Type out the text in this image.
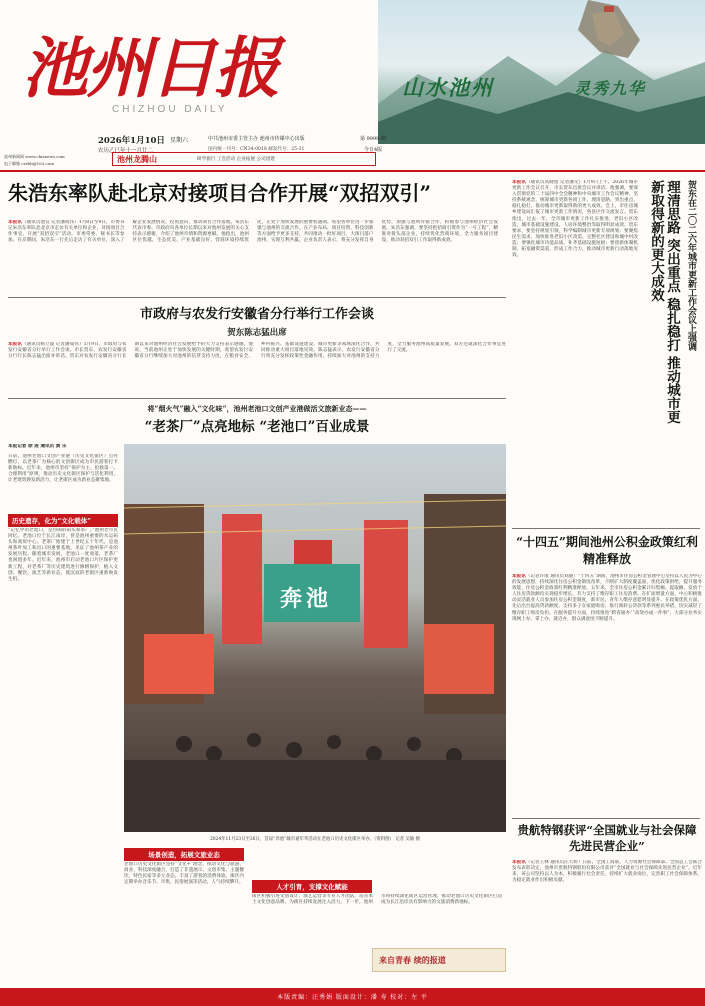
池州日报
CHIZHOU DAILY
山水池州	灵秀九华
2026年1月10日 星期六
农历乙巳年十一月廿二
中共池州市委主管主办 池州市传媒中心出版
国内统一刊号：CN34-0018 邮发代号：25-31
第 9999 期
今日4版
池州新闻网 www.chiznews.com
电子邮箱 czrbb@163.com	池州龙腾山	研学旅行 工会活动 企业拓展 公司团建
朱浩东率队赴北京对接项目合作开展“双招双引”
本报讯（通讯员池宣 记者潘成伟）1月8日至9日，市委书记朱浩东率队赴北京市走访有关单位和企业，对接项目合作事宜，开展“双招双引”活动。市委常委、秘书长等参加。在京期间，朱浩东一行先后走访了有关单位，深入了解企业发展情况、投资意向，推动项目合作落地。朱浩东代表市委、市政府向各单位长期以来对池州发展的关心支持表示感谢，介绍了池州市情和资源禀赋。他指出，池州区位优越、生态优美、产业基础良好、营商环境持续优化，正处于加快发展的重要机遇期。希望各单位进一步加强与池州的交流合作，在产业布局、项目投资、科技创新等方面给予更多支持，共同推动一批好项目、大项目落户池州，实现互利共赢。企业负责人表示，将充分发挥自身优势，加强与池州对接合作，积极参与池州经济社会发展。朱浩东强调，要坚持把招商引资作为“一号工程”，精准对接头部企业，持续优化营商环境，全力服务项目建设，推动双招双引工作取得新成效。	贺东在二〇二六年城市更新工作会议上强调
理清思路 突出重点 稳扎稳打 推动城市更新取得新的更大成效
本报讯（通讯员高晓旭 记者潘文）1月9日上午，2026年城市更新工作会议召开，市长贺东出席会议并讲话。他强调，要深入贯彻党的二十届四中全会精神和中央城市工作会议精神，坚持系统观念，统筹城市更新各项工作，理清思路、突出重点、稳扎稳打，推动城市更新取得新的更大成效。会上，市住房城乡建设局汇报了城市更新工作情况，各县区作交流发言。贺东指出，过去一年，全市城市更新工作扎实推进，老旧小区改造、城市基础设施建设、人居环境整治等取得明显成效。贺东要求，要坚持规划引领，科学编制城市更新专项规划；要聚焦民生需求，加快推进老旧小区改造、完整社区建设和城中村改造；要强化城市功能品质，补齐基础设施短板；要创新体制机制，拓宽融资渠道，形成工作合力，推动城市更新行动落地见效。
市政府与农发行安徽省分行举行工作会谈
贺东陈志猛出席
本报讯（通讯员杨立波 记者潘成伟）1月9日，市政府与农发行安徽省分行举行工作会谈。市长贺东，农发行安徽省分行行长陈志猛出席并讲话。贺东对农发行安徽省分行长期以来对池州经济社会发展给予的大力支持表示感谢。他说，当前池州正处于加快发展的关键时期，希望农发行安徽省分行继续加大对池州的信贷支持力度，在粮食安全、乡村振兴、基础设施建设、城市更新等领域深化合作，共同推动重大项目落地见效。陈志猛表示，农发行安徽省分行将充分发挥政策性金融作用，持续加大对池州的支持力度，全力服务池州高质量发展。双方还就深化合作事宜进行了交流。
将“烟火气”融入“文化味”，池州老池口文创产业港做活文旅新业态——
“老茶厂”点亮地标 “老池口”百业成景
本报记者 徐 进 通讯员 黄 乐
日前，池州老池口文创产业港（历史文化街区）点亮燃灯，以老茶厂为核心的文创街区成为市民游客打卡新地标。近年来，池州市坚持“保护为主、抢救第一、合理利用”原则，推动历史文化街区保护与活化利用，让老建筑焕发新活力，让老街区成为新业态聚集地。
历史遗存，化为“文化载体”
“记忆中的老池口，是热闹的码头和茶厂。”池州老市民回忆。老池口位于长江南岸，曾是池州重要的水运码头和商贸中心。老茶厂始建于上世纪五十年代，是池州茶叶加工和出口的重要基地，见证了池州茶产业的发展历程。随着城市发展，老池口一度衰落，老茶厂也闲置多年。近年来，池州市启动老池口片区保护更新工程，对老茶厂等历史建筑进行修缮保护，植入文创、餐饮、演艺等新业态，使沉寂的老街区重新焕发生机。
奔池
2024年11月23日至26日，首届“奔池”城市嘉年华活动在老池口历史文化街区举办。（资料图） 记者 吴敏 摄
场景创造，拓展文旅业态
老池口历史文化街区坚持“文化+”理念，推动文化与旅游、商业、科技深度融合，打造了非遗展示、文创市集、主题餐饮、特色民宿等多元业态，丰富了游客的消费体验。街区内定期举办音乐节、市集、民俗展演等活动，人气持续攀升。
人才引育，支撑文化赋能
街区积极引进文创设计、演艺运营等专业人才团队，培育本土文化创意品牌，为街区持续发展注入活力。下一步，池州市将持续深化街区运营管理，推动老池口历史文化街区打造成为长江沿岸具有影响力的文旅消费新地标。
“十四五”期间池州公积金政策红利精准释放
本报讯（记者许康 通讯员刘骏）“十四五”期间，池州市住房公积金管理中心坚持以人民为中心的发展思想，持续深化住房公积金制度改革，不断扩大制度覆盖面，优化政策供给，提升服务效能，住房公积金政策红利精准释放。五年来，全市住房公积金累计归集额、提取额、发放个人住房贷款额均实现稳步增长，有力支持了缴存职工住房消费。在扩面增量方面，中心积极推动灵活就业人员参加住房公积金制度，新市民、青年人缴存意愿明显提升。在政策优化方面，先后出台提高贷款额度、支持多子女家庭购房、推行商转公贷款等系列惠民举措，切实减轻了缴存职工购房负担。在服务提升方面，持续推进“跨省通办”“高效办成一件事”，大部分业务实现网上办、掌上办、就近办，群众满意度不断提升。
贵航特钢获评“全国就业与社会保障先进民营企业”
本报讯（记者王林 通讯员汪天娇）日前，全国工商联、人力资源社会保障部、全国总工会联合发布表彰决定，池州市贵航特钢股份有限公司获评“全国就业与社会保障先进民营企业”。近年来，该公司坚持以人为本，积极履行社会责任，持续扩大就业岗位，完善职工社会保障体系，为稳定就业作出积极贡献。
来自青春 续的报道
本版责编：汪秀娟 版面设计：潘 寿 校对：左 平
